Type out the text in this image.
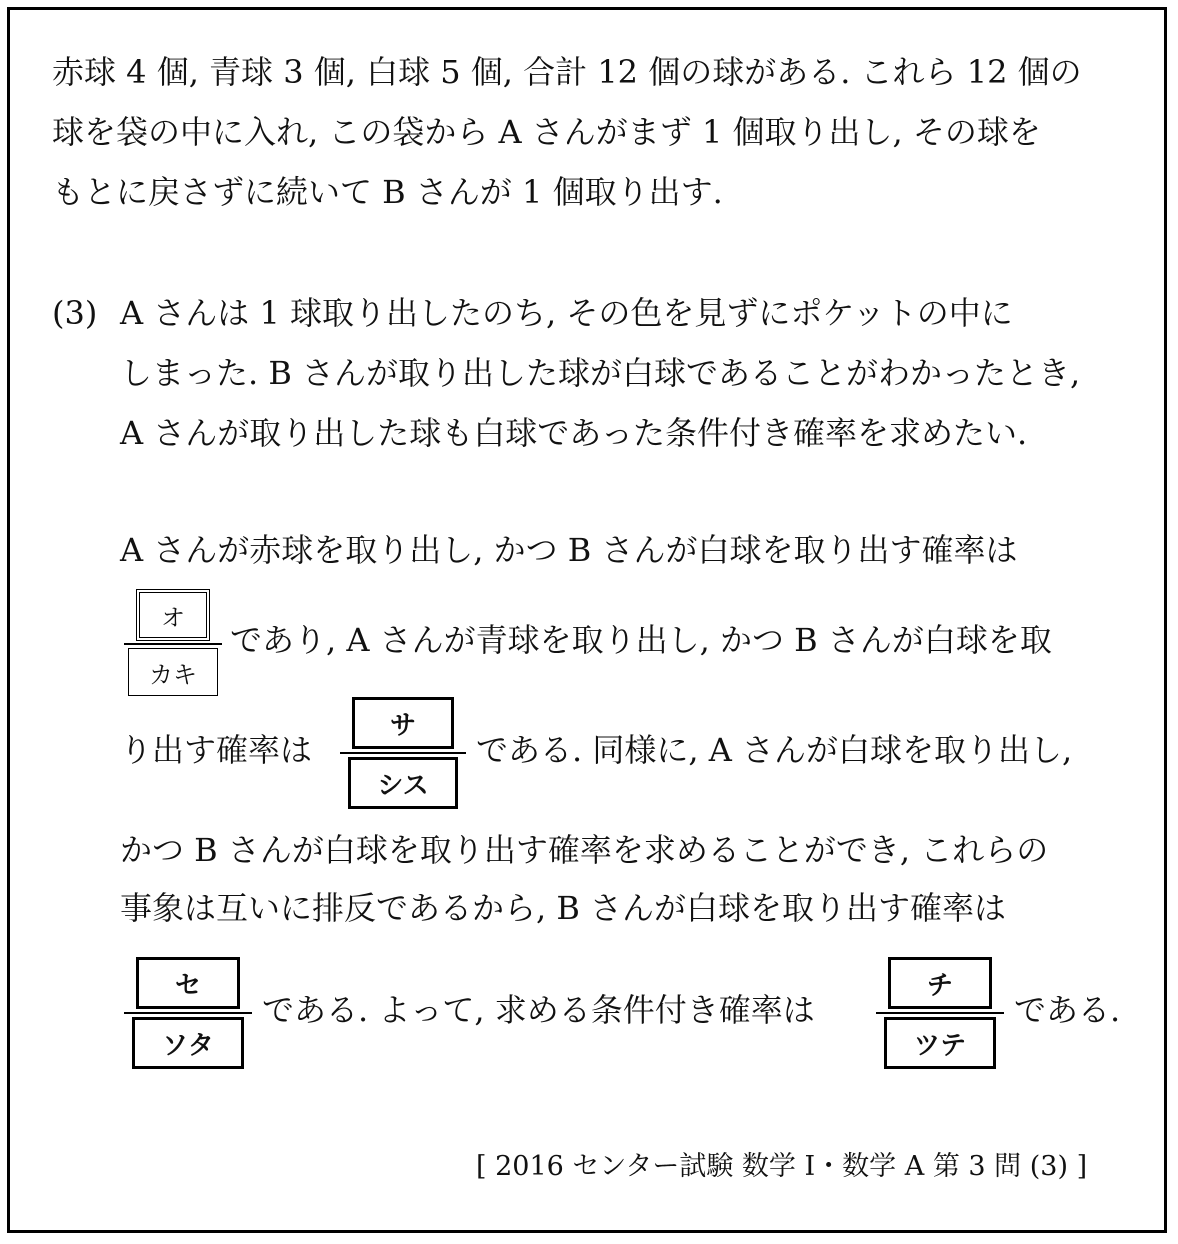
赤球 4 個, 青球 3 個, 白球 5 個, 合計 12 個の球がある. これら 12 個の
球を袋の中に入れ, この袋から A さんがまず 1 個取り出し, その球を
もとに戻さずに続いて B さんが 1 個取り出す.
(3) A さんは 1 球取り出したのち, その色を見ずにポケットの中に
しまった. B さんが取り出した球が白球であることがわかったとき,
A さんが取り出した球も白球であった条件付き確率を求めたい.
A さんが赤球を取り出し, かつ B さんが白球を取り出す確率は
オ
カキ
であり, A さんが青球を取り出し, かつ B さんが白球を取
り出す確率は
サ
シス
である. 同様に, A さんが白球を取り出し,
かつ B さんが白球を取り出す確率を求めることができ, これらの
事象は互いに排反であるから, B さんが白球を取り出す確率は
セ
ソタ
である. よって, 求める条件付き確率は
チ
ツテ
である.
[ 2016 センター試験 数学 I・数学 A 第 3 問 (3) ]
